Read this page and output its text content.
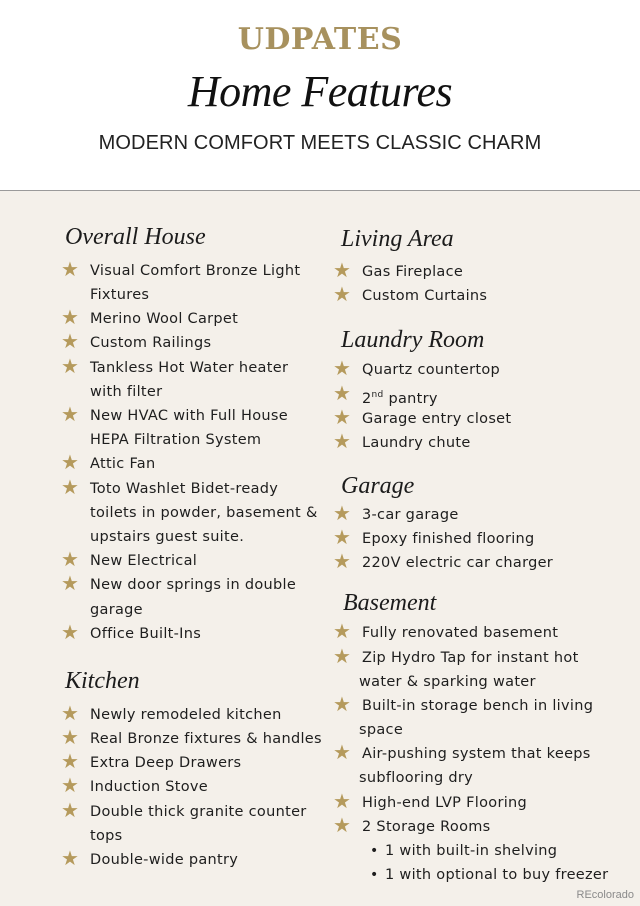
UDPATES
Home Features
MODERN COMFORT MEETS CLASSIC CHARM
Overall House
★ Visual Comfort Bronze Light
Fixtures
★ Merino Wool Carpet
★ Custom Railings
★ Tankless Hot Water heater
with filter
★ New HVAC with Full House
HEPA Filtration System
★ Attic Fan
★ Toto Washlet Bidet-ready
toilets in powder, basement &
upstairs guest suite.
★ New Electrical
★ New door springs in double
garage
★ Office Built-Ins
Kitchen
★ Newly remodeled kitchen
★ Real Bronze fixtures & handles
★ Extra Deep Drawers
★ Induction Stove
★ Double thick granite counter
tops
★ Double-wide pantry
Living Area
★ Gas Fireplace
★ Custom Curtains
Laundry Room
★ Quartz countertop
★ 2nd pantry
★ Garage entry closet
★ Laundry chute
Garage
★ 3-car garage
★ Epoxy finished flooring
★ 220V electric car charger
Basement
★ Fully renovated basement
★ Zip Hydro Tap for instant hot
water & sparking water
★ Built-in storage bench in living
space
★ Air-pushing system that keeps
subflooring dry
★ High-end LVP Flooring
★ 2 Storage Rooms
• 1 with built-in shelving
• 1 with optional to buy freezer
REcolorado
